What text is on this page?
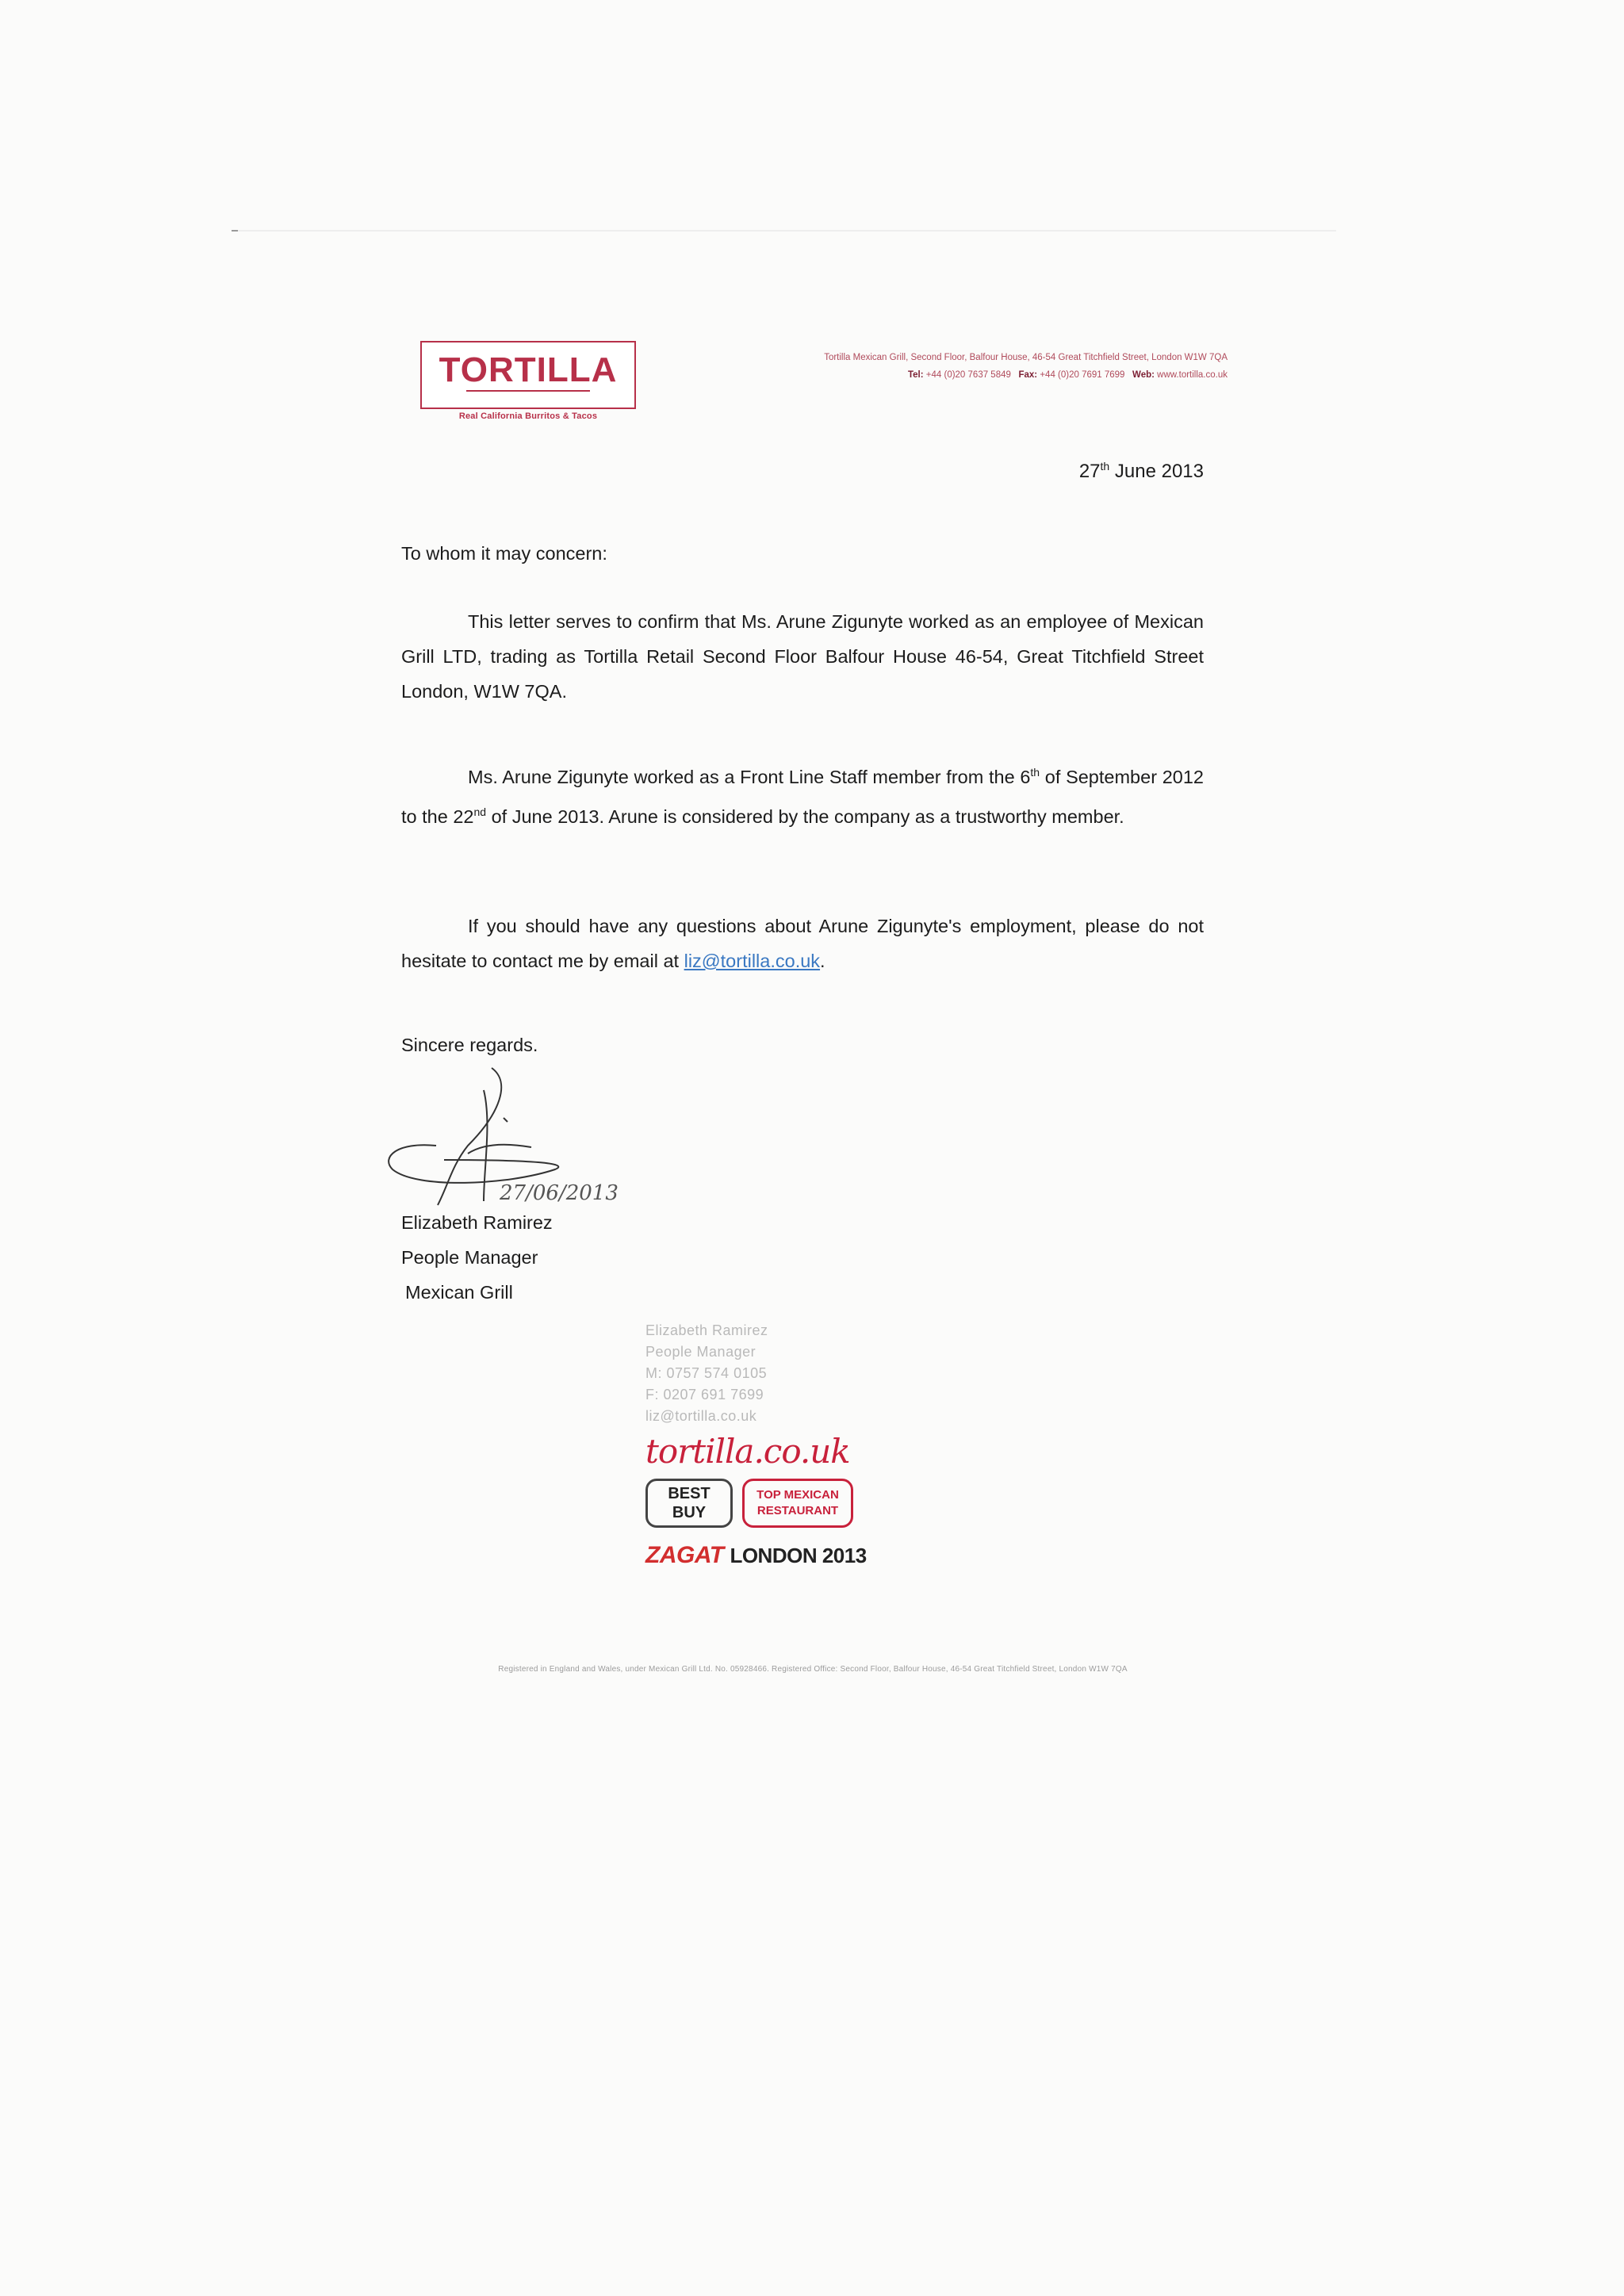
TORTILLA
Real California Burritos & Tacos
Tortilla Mexican Grill, Second Floor, Balfour House, 46-54 Great Titchfield Street, London W1W 7QA
Tel: +44 (0)20 7637 5849 Fax: +44 (0)20 7691 7699 Web: www.tortilla.co.uk
27th June 2013
To whom it may concern:
This letter serves to confirm that Ms. Arune Zigunyte worked as an employee of Mexican Grill LTD, trading as Tortilla Retail Second Floor Balfour House 46-54, Great Titchfield Street London, W1W 7QA.
Ms. Arune Zigunyte worked as a Front Line Staff member from the 6th of September 2012 to the 22nd of June 2013. Arune is considered by the company as a trustworthy member.
If you should have any questions about Arune Zigunyte's employment, please do not hesitate to contact me by email at liz@tortilla.co.uk.
Sincere regards.
27/06/2013
Elizabeth Ramirez
People Manager
Mexican Grill
Elizabeth Ramirez
People Manager
M: 0757 574 0105
F: 0207 691 7699
liz@tortilla.co.uk
tortilla.co.uk
BEST
BUY
TOP MEXICAN
RESTAURANT
ZAGAT LONDON 2013
Registered in England and Wales, under Mexican Grill Ltd. No. 05928466. Registered Office: Second Floor, Balfour House, 46-54 Great Titchfield Street, London W1W 7QA
